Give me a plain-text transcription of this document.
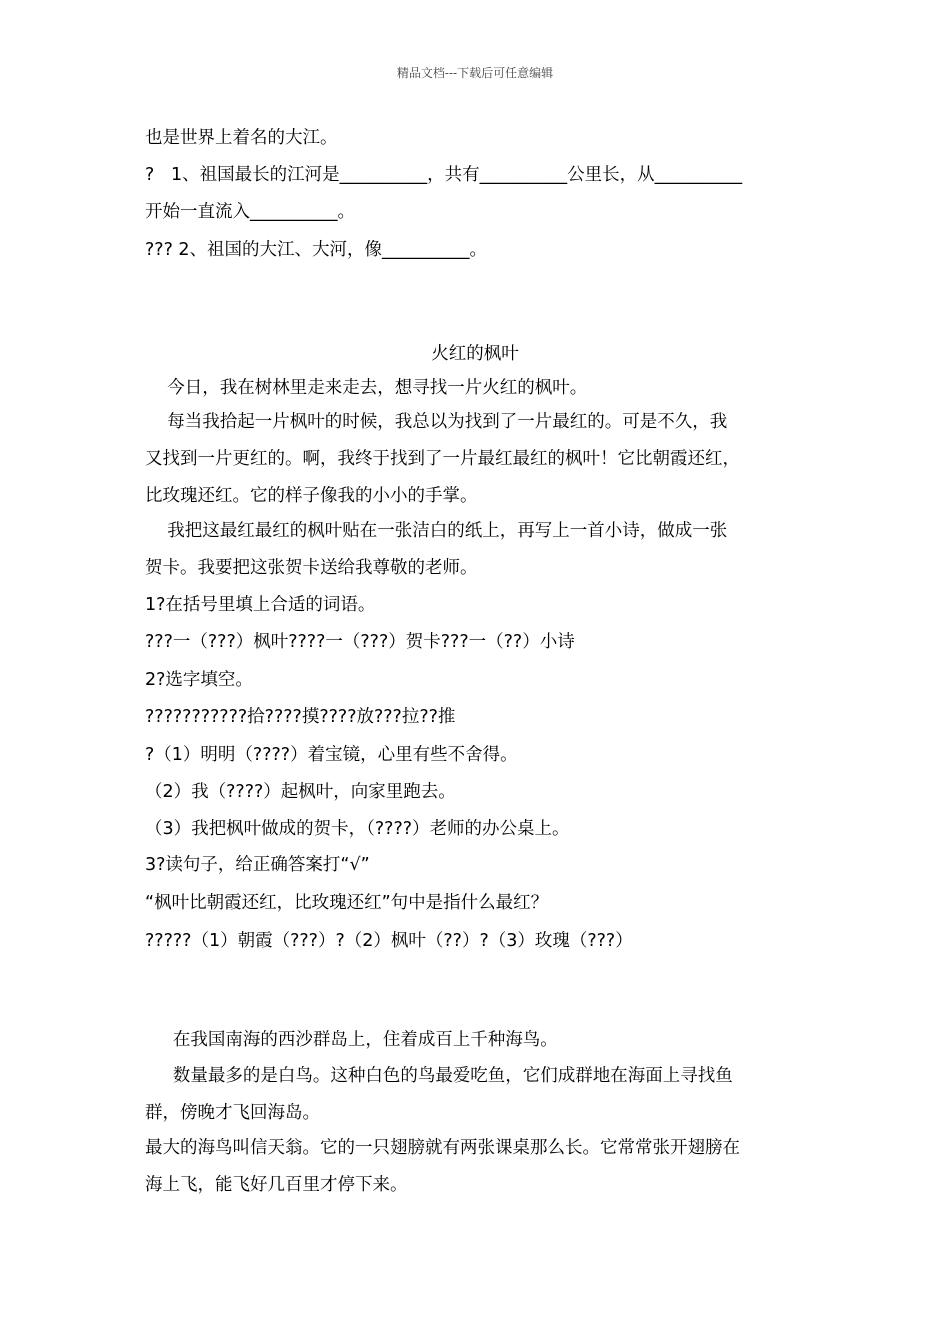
精品文档---下载后可任意编辑
也是世界上着名的大江。
?   1、祖国最长的江河是__________，共有__________公里长，从__________
开始一直流入__________。
??? 2、祖国的大江、大河，像__________。
火红的枫叶
今日，我在树林里走来走去，想寻找一片火红的枫叶。
每当我拾起一片枫叶的时候，我总以为找到了一片最红的。可是不久，我
又找到一片更红的。啊，我终于找到了一片最红最红的枫叶！它比朝霞还红，
比玫瑰还红。它的样子像我的小小的手掌。
我把这最红最红的枫叶贴在一张洁白的纸上，再写上一首小诗，做成一张
贺卡。我要把这张贺卡送给我尊敬的老师。
1?在括号里填上合适的词语。
???一（???）枫叶????一（???）贺卡???一（??）小诗
2?选字填空。
???????????拾????摸????放???拉??推
?（1）明明（????）着宝镜，心里有些不舍得。
（2）我（????）起枫叶，向家里跑去。
（3）我把枫叶做成的贺卡，（????）老师的办公桌上。
3?读句子，给正确答案打“√”
“枫叶比朝霞还红，比玫瑰还红”句中是指什么最红？
?????（1）朝霞（???）?（2）枫叶（??）?（3）玫瑰（???）
在我国南海的西沙群岛上，住着成百上千种海鸟。
数量最多的是白鸟。这种白色的鸟最爱吃鱼，它们成群地在海面上寻找鱼
群，傍晚才飞回海岛。
最大的海鸟叫信天翁。它的一只翅膀就有两张课桌那么长。它常常张开翅膀在
海上飞，能飞好几百里才停下来。
